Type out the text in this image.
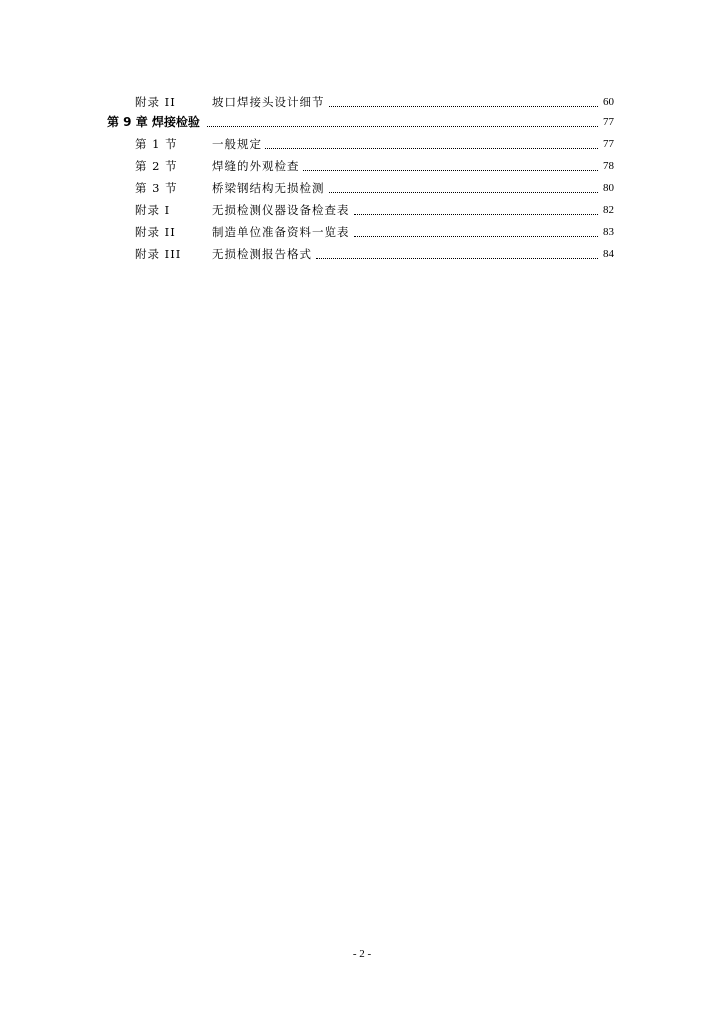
附录 II	坡口焊接头设计细节	60
第 9 章 焊接检验	77
第 1 节	一般规定	77
第 2 节	焊缝的外观检查	78
第 3 节	桥梁钢结构无损检测	80
附录 I	无损检测仪器设备检查表	82
附录 II	制造单位准备资料一览表	83
附录 III	无损检测报告格式	84
- 2 -
